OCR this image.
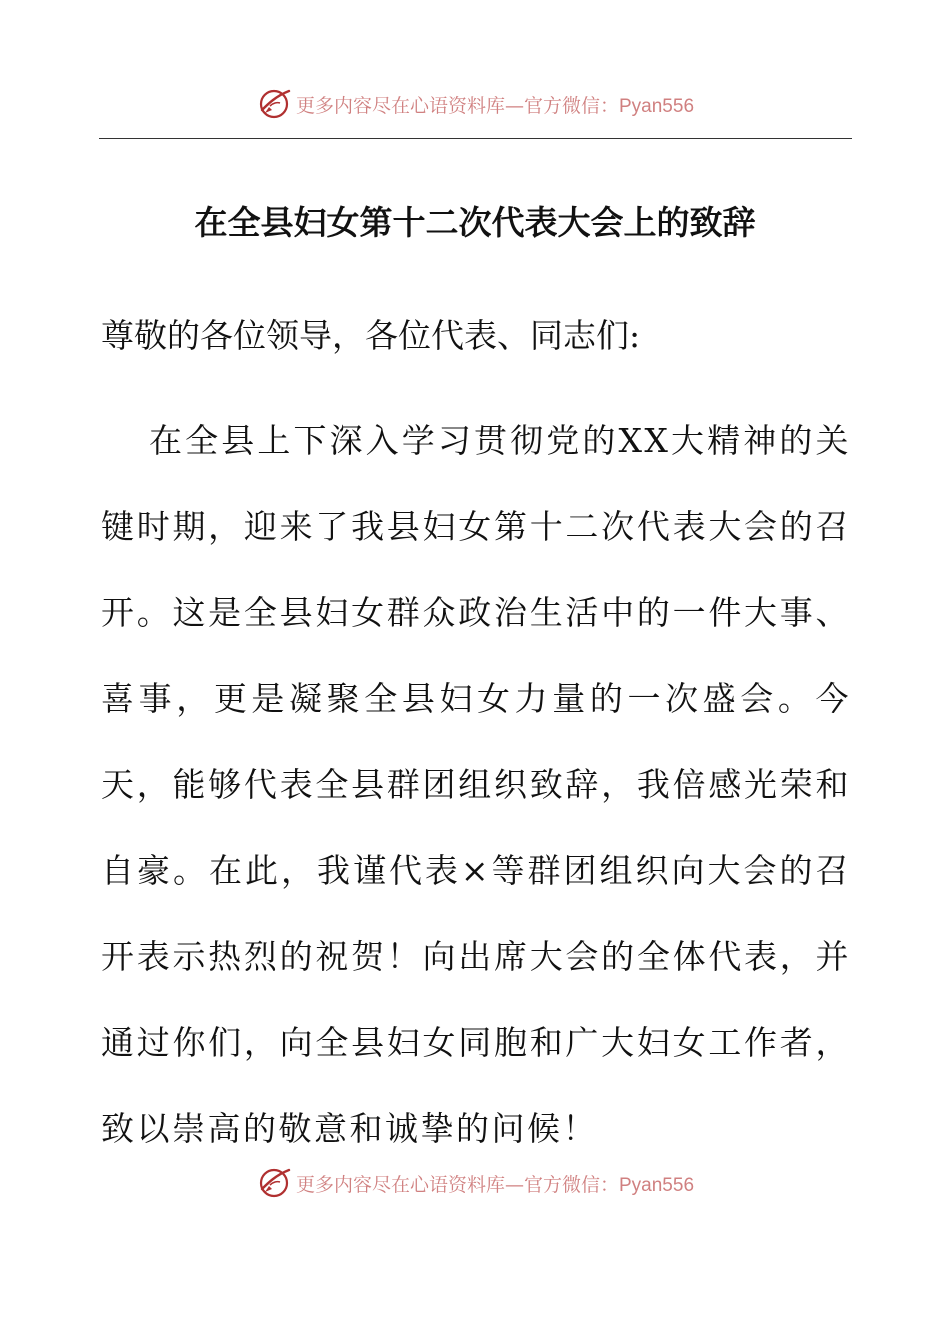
更多内容尽在心语资料库—官方微信：Pyan556
在全县妇女第十二次代表大会上的致辞
尊敬的各位领导，各位代表、同志们:
在全县上下深入学习贯彻党的XX大精神的关键时期，迎来了我县妇女第十二次代表大会的召开。这是全县妇女群众政治生活中的一件大事、喜事，更是凝聚全县妇女力量的一次盛会。今天，能够代表全县群团组织致辞，我倍感光荣和自豪。在此，我谨代表×等群团组织向大会的召开表示热烈的祝贺！向出席大会的全体代表，并通过你们，向全县妇女同胞和广大妇女工作者，致以崇高的敬意和诚挚的问候！
更多内容尽在心语资料库—官方微信：Pyan556
